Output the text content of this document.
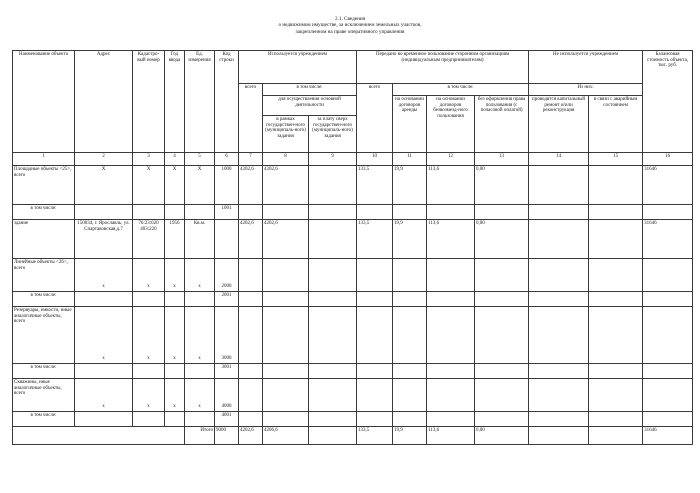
2.1. Сведения
о недвижимом имуществе, за исключением земельных участков,
закрепленном на праве оперативного управления
Наименование объекта	Адрес	Кадастро-вый номер	Год ввода	Ед. измерения	Код строки	Используется учреждением			Передано во временное пользование сторонним организациям (индивидуальным предпринимателям)				Не используется учреждением		Балансовая стоимость объекта, тыс. руб.
						всего	в том числе:		всего	в том числе:			Из них:		
							для осуществления основной деятельности			на основании договоров аренды	на основании договоров безвозмезд-ного пользования	без оформления права пользования (с почасовой оплатой)	проводятся капитальный ремонт и/или реконструкция	в связи с аварийным состоянием	
							в рамках государствен-ного (муниципаль-ного) задания	за плату сверх государствен-ного (муниципаль-ного) задания							
1	2	3	4	5	6	7	8	9	10	11	12	13	14	15	16
Площадные объекты <25>, всего	X	X	X	X	1000	4202,6	4202,6		133,5	19,9	113,6	0,00			31646
в том числе:					1001										
здание	150034, г. Ярославль, ул. Спартаковская,д.7	76:23:020 403:220	1956	Кв.м.		4202,6	4202,6		133,5	19,9	113,6	0,00			31646
Линейные объекты <26>, всего	x	x	x	x	2000										
в том числе:					2001										
Резервуары, емкости, иные аналогичные объекты, всего	x	x	x	x	3000										
в том числе:					3001										
Скважины, иные аналогичные объекты, всего	x	x	x	x	4000										
в том числе:					4001										
				Итого	9000	4202,6	4206,6		133,5	19,9	113,6	0,00			31646
